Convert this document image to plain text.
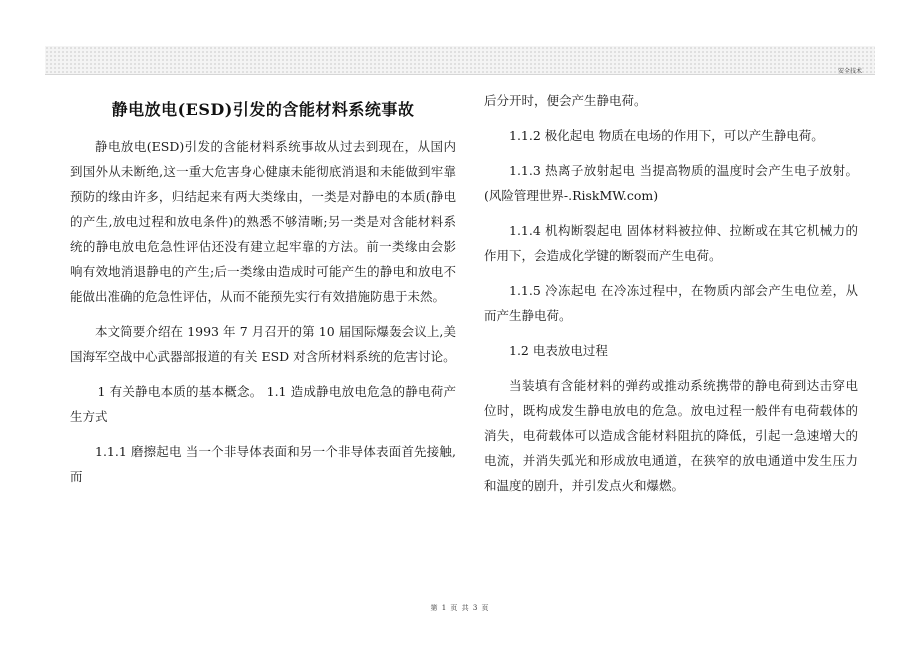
安全技术
静电放电(ESD)引发的含能材料系统事故

静电放电(ESD)引发的含能材料系统事故从过去到现在，从国内到国外从未断绝,这一重大危害身心健康未能彻底消退和未能做到牢靠预防的缘由许多，归结起来有两大类缘由，一类是对静电的本质(静电的产生,放电过程和放电条件)的熟悉不够清晰;另一类是对含能材料系统的静电放电危急性评估还没有建立起牢靠的方法。前一类缘由会影响有效地消退静电的产生;后一类缘由造成时可能产生的静电和放电不能做出准确的危急性评估，从而不能预先实行有效措施防患于未然。

本文简要介绍在 1993 年 7 月召开的第 10 届国际爆轰会议上,美国海军空战中心武器部报道的有关 ESD 对含所材料系统的危害讨论。

1 有关静电本质的基本概念。 1.1 造成静电放电危急的静电荷产生方式

1.1.1 磨擦起电 当一个非导体表面和另一个非导体表面首先接触,而

后分开时，便会产生静电荷。

1.1.2 极化起电 物质在电场的作用下，可以产生静电荷。

1.1.3 热离子放射起电 当提高物质的温度时会产生电子放射。(风险管理世界-.RiskMW.com)

1.1.4 机构断裂起电 固体材料被拉伸、拉断或在其它机械力的作用下，会造成化学键的断裂而产生电荷。

1.1.5 冷冻起电 在冷冻过程中，在物质内部会产生电位差，从而产生静电荷。

1.2 电表放电过程

当装填有含能材料的弹药或推动系统携带的静电荷到达击穿电位时，既构成发生静电放电的危急。放电过程一般伴有电荷载体的消失，电荷载体可以造成含能材料阻抗的降低，引起一急速增大的电流，并消失弧光和形成放电通道，在狭窄的放电通道中发生压力和温度的剧升，并引发点火和爆燃。

第 1 页 共 3 页
